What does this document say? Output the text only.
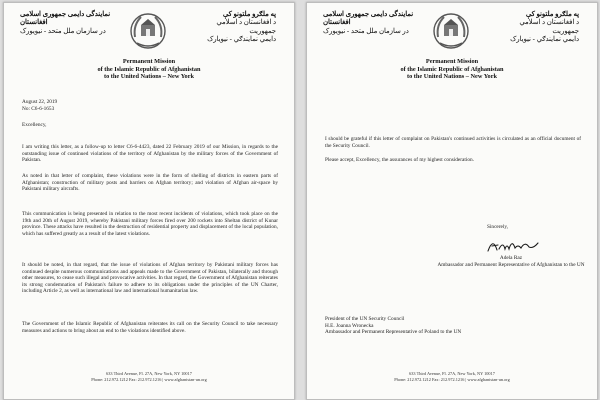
نمایندگی دایمی جمهوری اسلامی افغانستان
در سازمان ملل متحد - نیویورک
په ملګرو ملتونو کې
د افغانستان د اسلامي جمهوریت
دایمي نمایندګي - نیویارک
Permanent Mission
of the Islamic Republic of Afghanistan
to the United Nations – New York
August 22, 2019
No: C6-6-1653
Excellency,
I am writing this letter, as a follow-up to letter C6-6-4423, dated 22 February 2019 of our Mission, in regards to the outstanding issue of continued violations of the territory of Afghanistan by the military forces of the Government of Pakistan.
As noted in that letter of complaint, these violations were in the form of shelling of districts in eastern parts of Afghanistan; construction of military posts and barriers on Afghan territory; and violation of Afghan air-space by Pakistani military aircrafts.
This communication is being presented in relation to the most recent incidents of violations, which took place on the 19th and 20th of August 2019, whereby Pakistani military forces fired over 200 rockets into Sheltan district of Kunar province. These attacks have resulted in the destruction of residential property and displacement of the local population, which has suffered greatly as a result of the latest violations.
It should be noted, in that regard, that the issue of violations of Afghan territory by Pakistani military forces has continued despite numerous communications and appeals made to the Government of Pakistan, bilaterally and through other measures, to cease such illegal and provocative activities. In that regard, the Government of Afghanistan reiterates its strong condemnation of Pakistan's failure to adhere to its obligations under the principles of the UN Charter, including Article 2, as well as international law and international humanitarian law.
The Government of the Islamic Republic of Afghanistan reiterates its call on the Security Council to take necessary measures and actions to bring about an end to the violations identified above.
633 Third Avenue, Fl. 27A, New York, NY 10017
Phone: 212.972.1212 Fax: 212.972.1216 | www.afghanistan-un.org
نمایندگی دایمی جمهوری اسلامی افغانستان
در سازمان ملل متحد - نیویورک
په ملګرو ملتونو کې
د افغانستان د اسلامي جمهوریت
دایمي نمایندګي - نیویارک
Permanent Mission
of the Islamic Republic of Afghanistan
to the United Nations – New York
I should be grateful if this letter of complaint on Pakistan's continued activities is circulated as an official document of the Security Council.
Please accept, Excellency, the assurances of my highest consideration.
Sincerely,
Adela Raz
Ambassador and Permanent Representative of Afghanistan to the UN
President of the UN Security Council
H.E. Joanna Wronecka
Ambassador and Permanent Representative of Poland to the UN
633 Third Avenue, Fl. 27A, New York, NY 10017
Phone: 212.972.1212 Fax: 212.972.1216 | www.afghanistan-un.org
